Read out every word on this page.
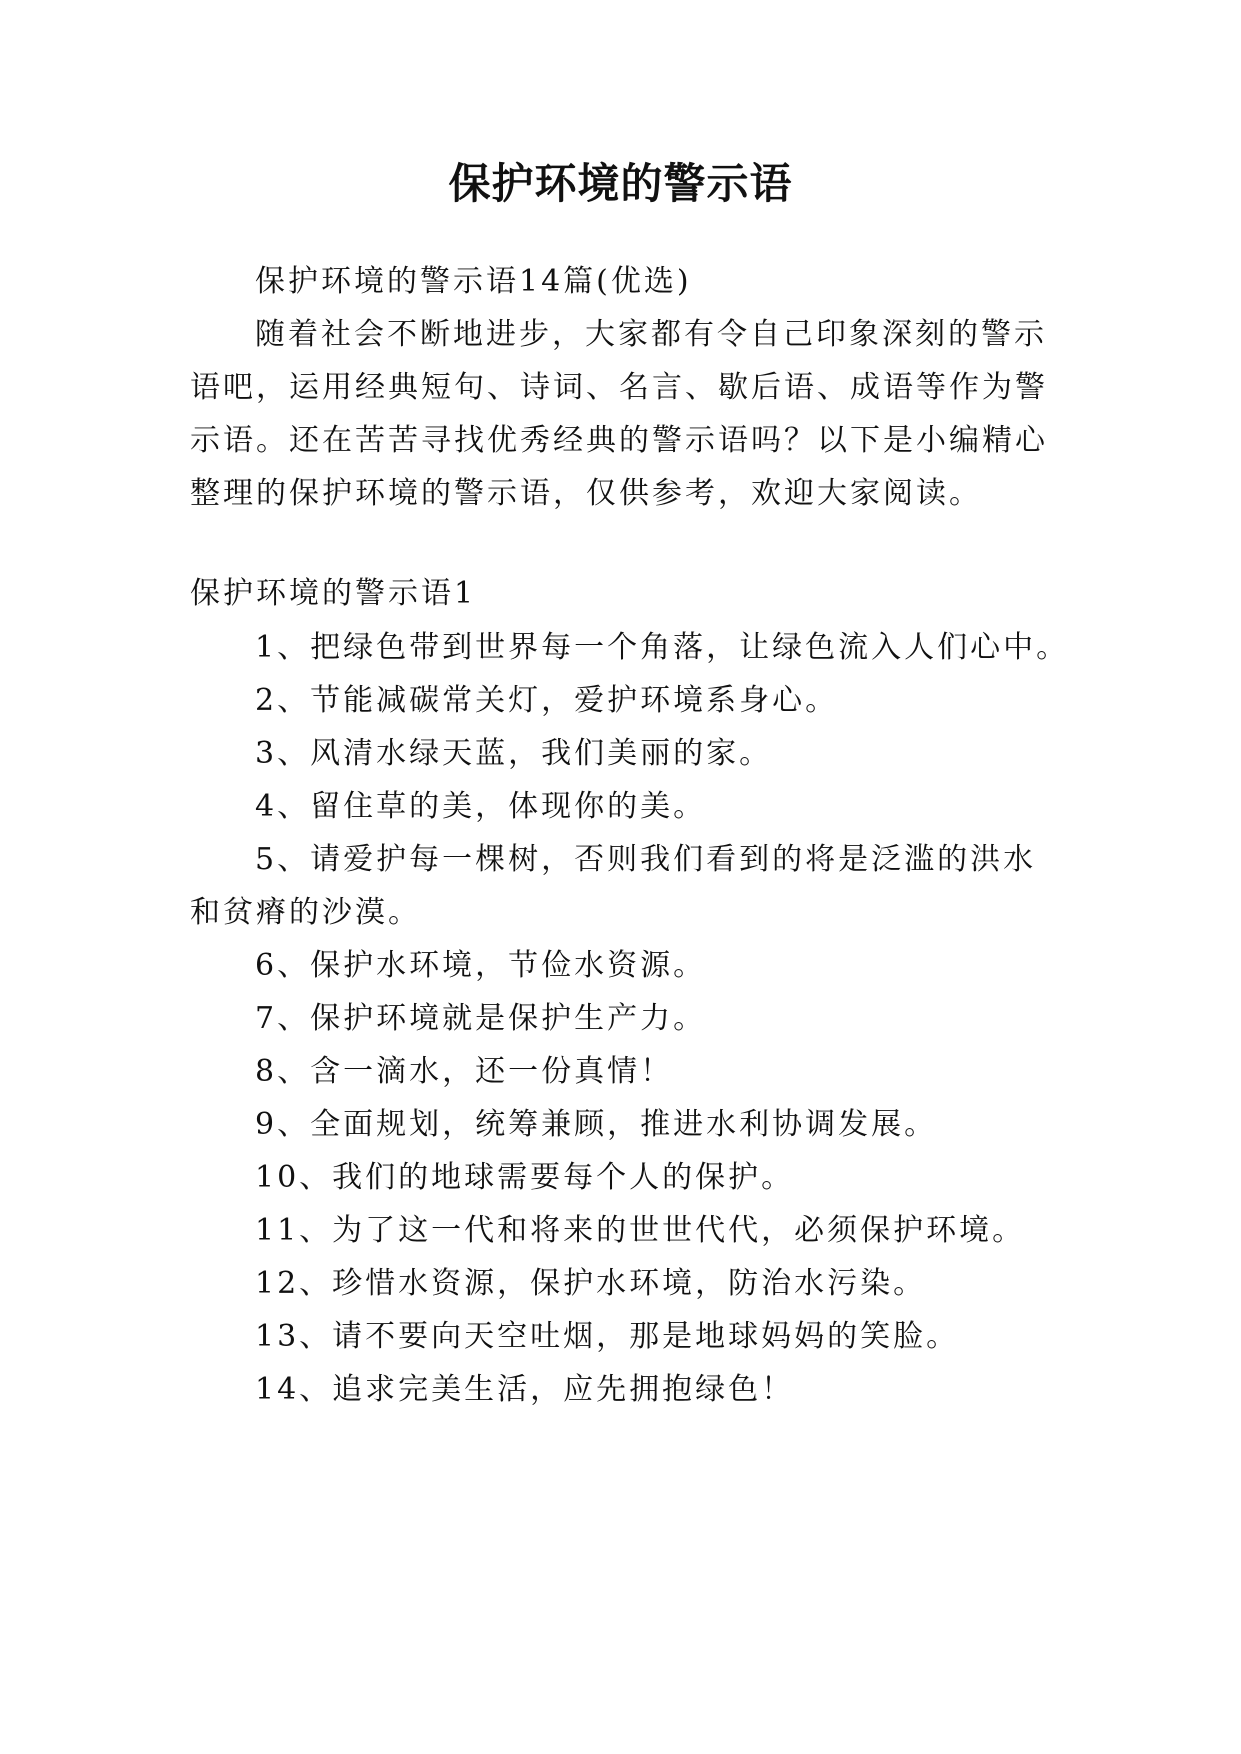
保护环境的警示语
保护环境的警示语14篇(优选)
随着社会不断地进步，大家都有令自己印象深刻的警示
语吧，运用经典短句、诗词、名言、歇后语、成语等作为警
示语。还在苦苦寻找优秀经典的警示语吗？以下是小编精心
整理的保护环境的警示语，仅供参考，欢迎大家阅读。
保护环境的警示语1
1、把绿色带到世界每一个角落，让绿色流入人们心中。
2、节能减碳常关灯，爱护环境系身心。
3、风清水绿天蓝，我们美丽的家。
4、留住草的美，体现你的美。
5、请爱护每一棵树，否则我们看到的将是泛滥的洪水
和贫瘠的沙漠。
6、保护水环境，节俭水资源。
7、保护环境就是保护生产力。
8、含一滴水，还一份真情！
9、全面规划，统筹兼顾，推进水利协调发展。
10、我们的地球需要每个人的保护。
11、为了这一代和将来的世世代代，必须保护环境。
12、珍惜水资源，保护水环境，防治水污染。
13、请不要向天空吐烟，那是地球妈妈的笑脸。
14、追求完美生活，应先拥抱绿色！
